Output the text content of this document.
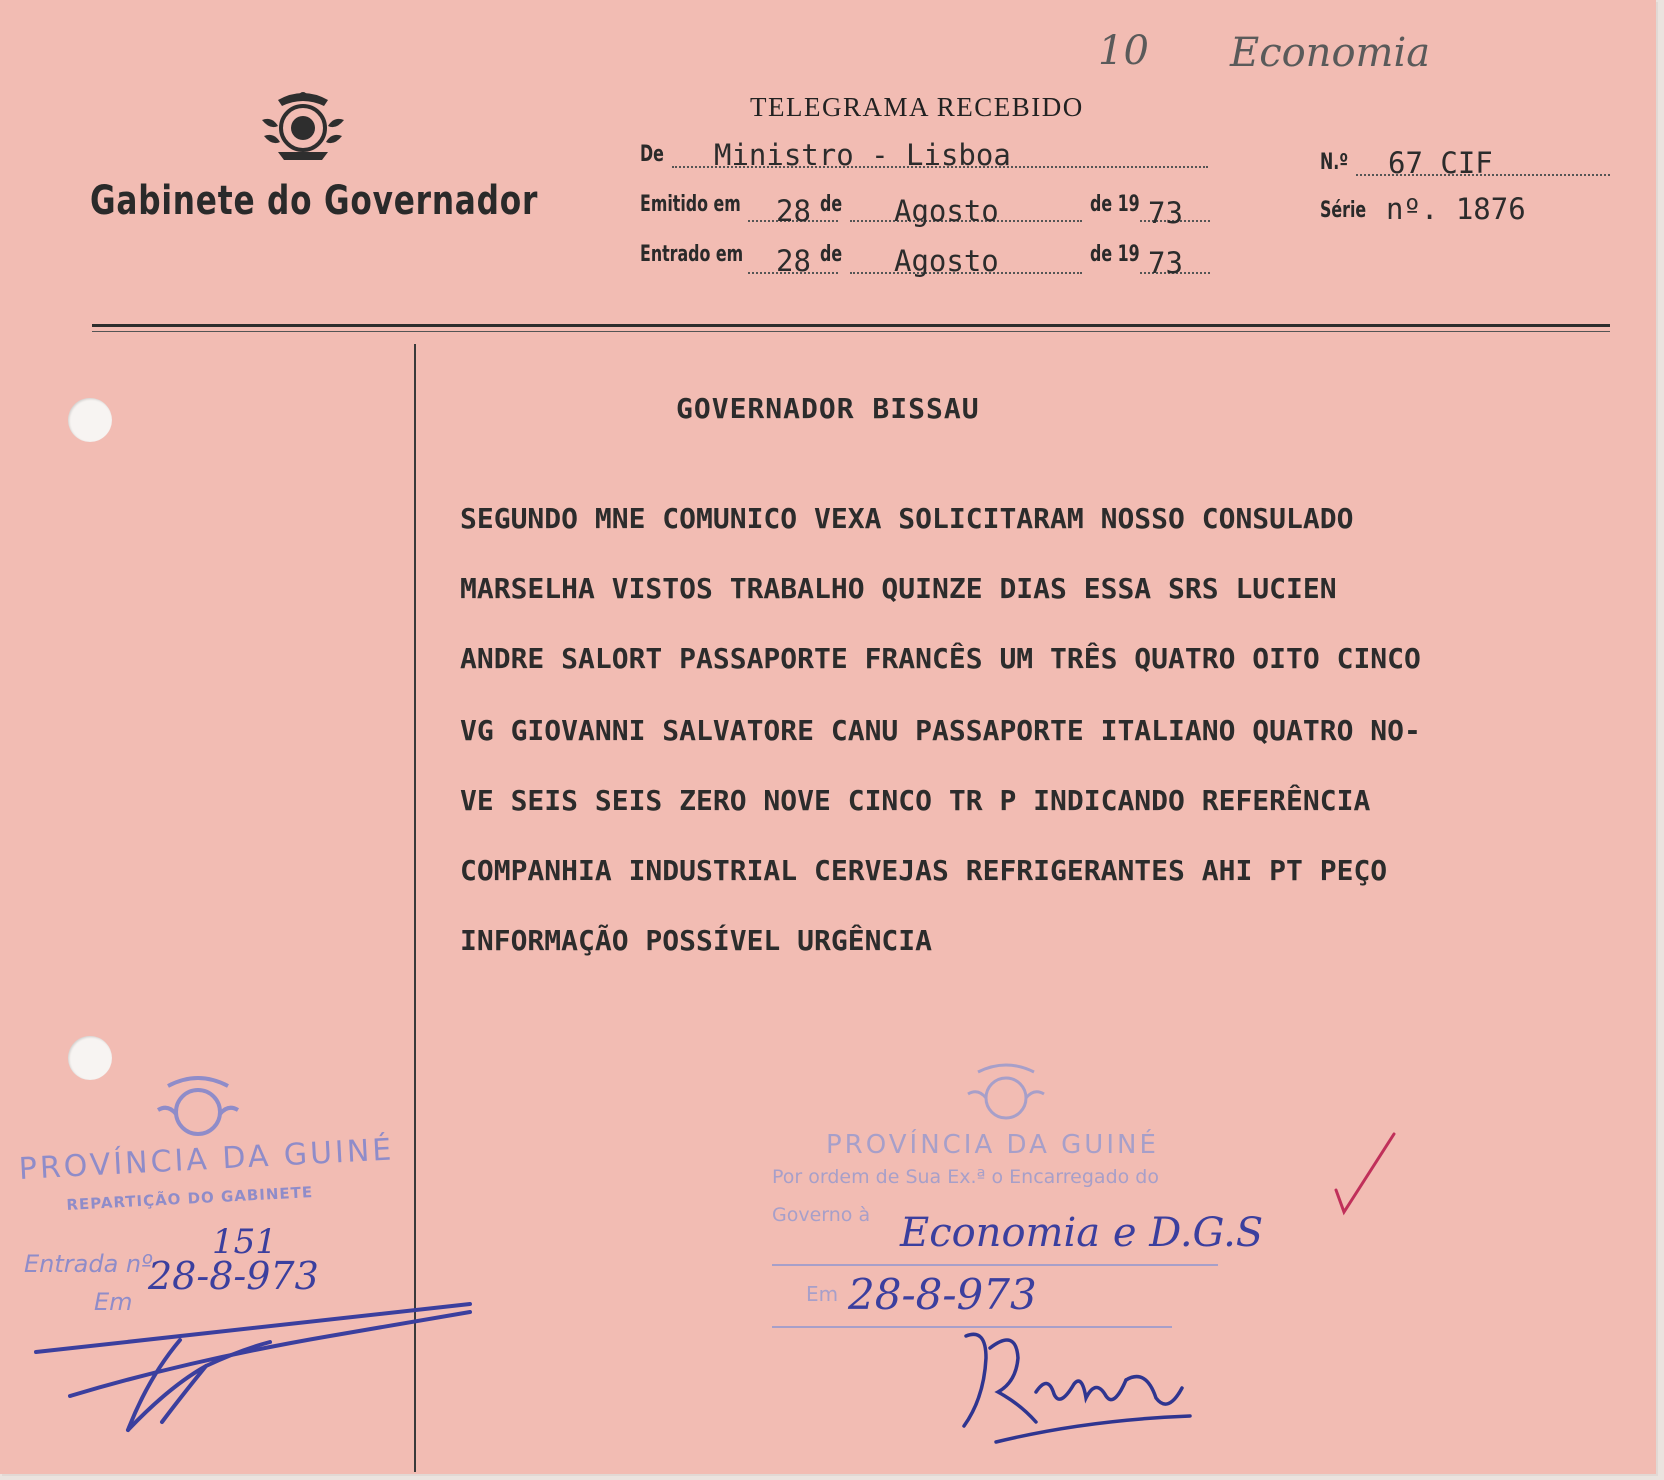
Gabinete do Governador
10 Economia
TELEGRAMA RECEBIDO
De Ministro - Lisboa
Emitido em 28 de Agosto	de 19 73
Entrado em 28 de Agosto	de 19 73
N.º 67 CIF
Série nº. 1876
GOVERNADOR BISSAU
SEGUNDO MNE COMUNICO VEXA SOLICITARAM NOSSO CONSULADO
MARSELHA VISTOS TRABALHO QUINZE DIAS ESSA SRS LUCIEN
ANDRE SALORT PASSAPORTE FRANCÊS UM TRÊS QUATRO OITO CINCO
VG GIOVANNI SALVATORE CANU PASSAPORTE ITALIANO QUATRO NO-
VE SEIS SEIS ZERO NOVE CINCO TR P INDICANDO REFERÊNCIA
COMPANHIA INDUSTRIAL CERVEJAS REFRIGERANTES AHI PT PEÇO
INFORMAÇÃO POSSÍVEL URGÊNCIA
PROVÍNCIA DA GUINÉ
REPARTIÇÃO DO GABINETE
Entrada nº
151
Em
28-8-973
PROVÍNCIA DA GUINÉ
Por ordem de Sua Ex.ª o Encarregado do
Governo à Economia e D.G.S
Em 28-8-973
